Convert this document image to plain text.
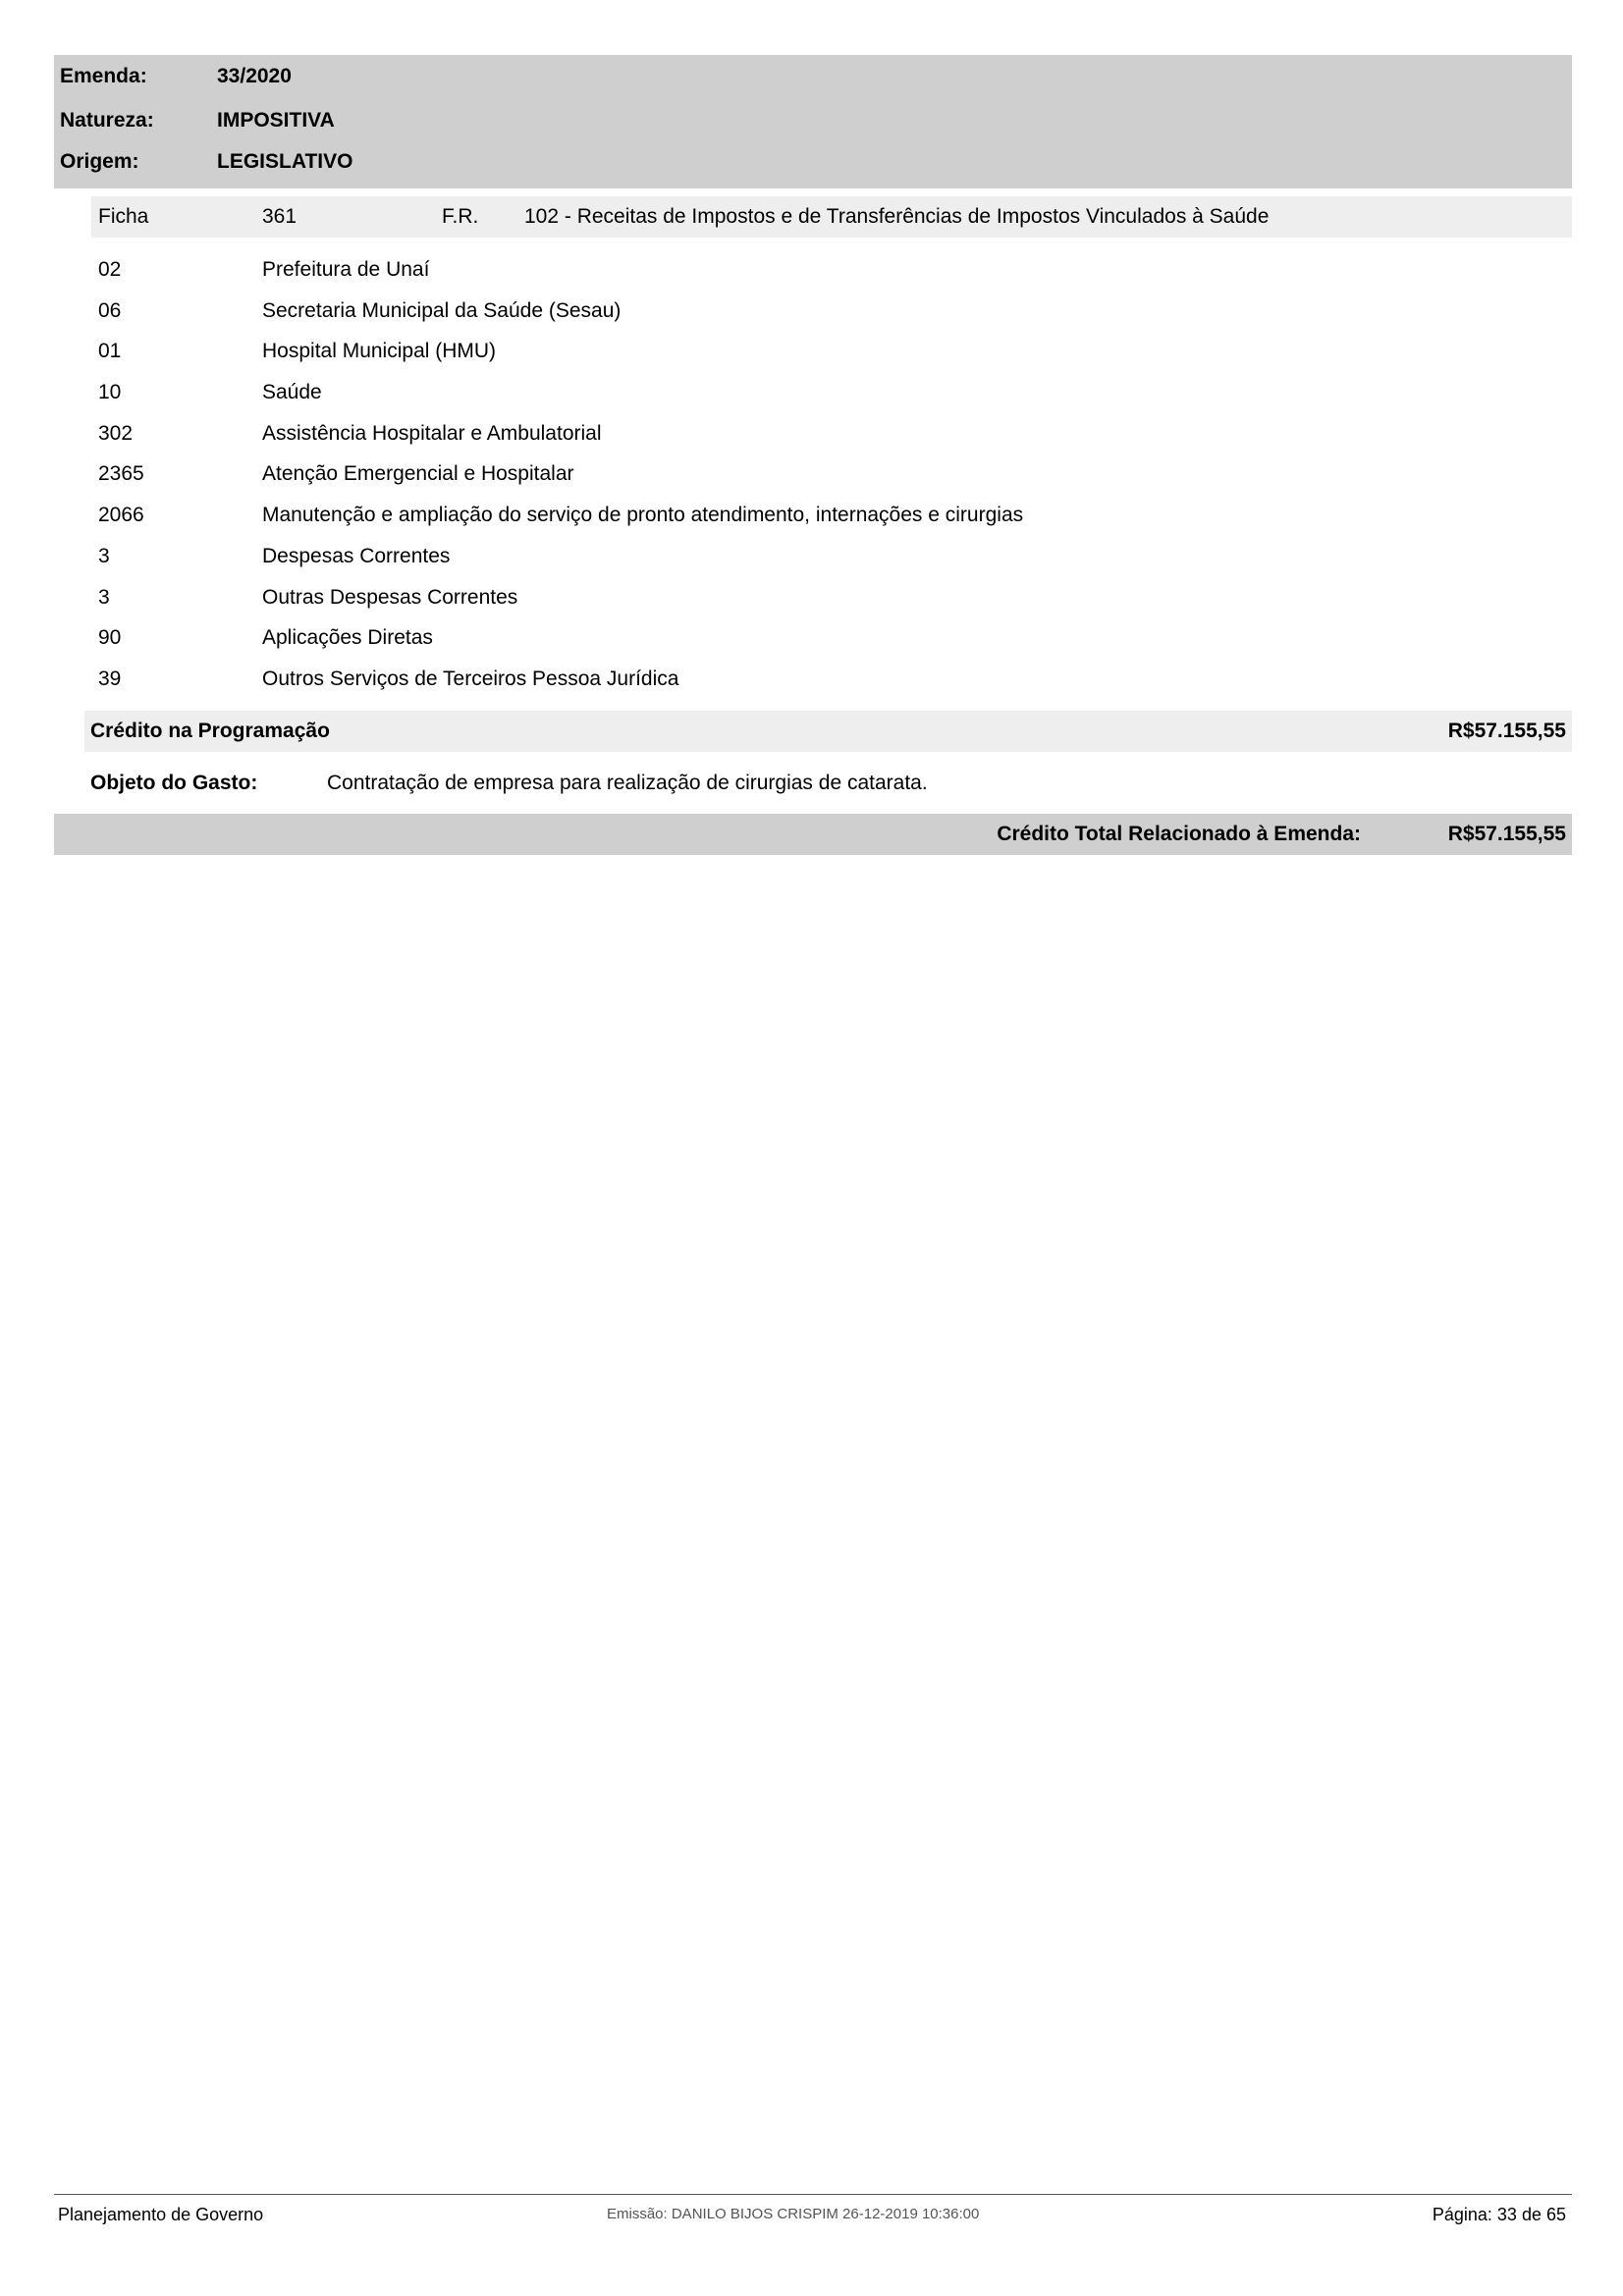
Emenda:	33/2020
Natureza:	IMPOSITIVA
Origem:	LEGISLATIVO
Ficha	361	F.R. 102 - Receitas de Impostos e de Transferências de Impostos Vinculados à Saúde
02	Prefeitura de Unaí
06	Secretaria Municipal da Saúde (Sesau)
01	Hospital Municipal (HMU)
10	Saúde
302	Assistência Hospitalar e Ambulatorial
2365	Atenção Emergencial e Hospitalar
2066	Manutenção e ampliação do serviço de pronto atendimento, internações e cirurgias
3	Despesas Correntes
3	Outras Despesas Correntes
90	Aplicações Diretas
39	Outros Serviços de Terceiros Pessoa Jurídica
Crédito na Programação	R$57.155,55
Objeto do Gasto:	Contratação de empresa para realização de cirurgias de catarata.
Crédito Total Relacionado à Emenda:	R$57.155,55
Planejamento de Governo	Emissão: DANILO BIJOS CRISPIM 26-12-2019 10:36:00	Página: 33 de 65
